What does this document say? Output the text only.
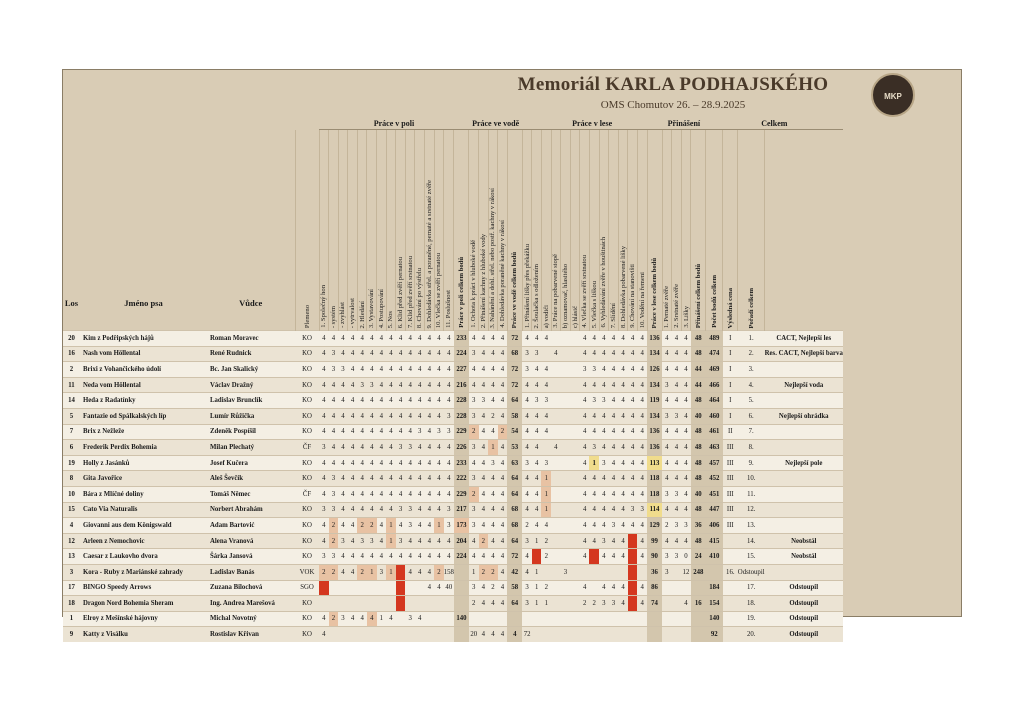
Memoriál KARLA PODHAJSKÉHO
OMS Chomutov 26. – 28.9.2025
MKP
				Práce v poli															Práce ve vodě					Práce v lese														Přinášení				Celkem			
Los	Jméno psa	Vůdce	Plemeno	1. Společný hon	- systém	- zvyhlást	- vytrvalost	2. Hledání	3. Vystavování	4. Postupování	5. Nos	6. Klid před zvěří pernatou	7. Klid před zvěří srstnatou	8. Chování po výstřelu	9. Dohledávka střel. a poraněné, pernaté a srstnaté zvěře	10. Vlečka se zvěří pernatou	11. Poslušnost	Práce v poli celkem bodů	1. Ochota k práci v hluboké vodě	2. Přinášení kachny z hluboké vody	3. Nahánění a dohl. střel. nebo postř. kachny v rákosí	4. Dohledávka poraněné kachny v rákosí	Práce ve vodě celkem bodů	1. Přinášení lišky přes překážku	2. Šoulačka s odložením	a) vodiči	3. Práce na pobarvené stopě	b) oznamovač, hlasitého	c) hlásič	4. Vlečka se zvěří srstnatou	5. Vlečka s liškou	6. Vyhledávání zvěře v houštinách	7. Slídění	8. Dohledávka pobarvené lišky	9. Chování na stanovišti	10. Vodění na řemeni	Práce v lese celkem bodů	1. Pernaté zvěře	2. Srstnaté zvěře	3. Lišky	Přinášení celkem bodů	Počet bodů celkem	Výsledná cena	Pořadí celkem	

20	Kim z Podřipských hájů	Roman Moravec	KO	4	4	4	4	4	4	4	4	4	4	4	4	4	4	233	4	4	4	4	72	4	4	4				4	4	4	4	4	4	4	136	4	4	4	48	489	I	1.	CACT, Nejlepší les
16	Nash vom Höllental	René Rudnick	KO	4	3	4	4	4	4	4	4	4	4	4	4	4	4	224	3	4	4	4	68	3	3		4			4	4	4	4	4	4	4	134	4	4	4	48	474	I	2.	Res. CACT, Nejlepší barva
2	Brixi z Vohančického údolí	Bc. Jan Skalický	KO	4	3	3	4	4	4	4	4	4	4	4	4	4	4	227	4	4	4	4	72	3	4	4				3	3	4	4	4	4	4	126	4	4	4	44	469	I	3.	
11	Neda vom Höllental	Václav Dražný	KO	4	4	4	4	3	3	4	4	4	4	4	4	4	4	216	4	4	4	4	72	4	4	4				4	4	4	4	4	4	4	134	3	4	4	44	466	I	4.	Nejlepší voda
14	Heda z Radatínky	Ladislav Brunclík	KO	4	4	4	4	4	4	4	4	4	4	4	4	4	4	228	3	3	4	4	64	4	3	3				4	3	3	4	4	4	4	119	4	4	4	48	464	I	5.	
5	Fantazie od Spálkalských líp	Lumír Růžička	KO	4	4	4	4	4	4	4	4	4	4	4	4	4	3	228	3	4	2	4	58	4	4	4				4	4	4	4	4	4	4	134	3	3	4	40	460	I	6.	Nejlepší ohrádka
7	Brix z Nežleže	Zdeněk Pospíšil	KO	4	4	4	4	4	4	4	4	4	4	3	4	3	3	229	2	4	4	2	54	4	4	4				4	4	4	4	4	4	4	136	4	4	4	48	461	II	7.	
6	Frederik Perdix Bohemia	Milan Plechatý	ČF	3	4	4	4	4	4	4	4	3	3	4	4	4	4	226	3	4	1	4	53	4	4		4			4	3	4	4	4	4	4	136	4	4	4	48	463	III	8.	
19	Holly z Jasánků	Josef Kučera	KO	4	4	4	4	4	4	4	4	4	4	4	4	4	4	233	4	4	3	4	63	3	4	3				4	1	3	4	4	4	4	113	4	4	4	48	457	III	9.	Nejlepší pole
8	Gita Javořice	Aleš Ševčík	KO	4	3	4	4	4	4	4	4	4	4	4	4	4	4	222	3	4	4	4	64	4	4	1				4	4	4	4	4	4	4	118	4	4	4	48	452	III	10.	
10	Bára z Mlíčné doliny	Tomáš Němec	ČF	4	3	4	4	4	4	4	4	4	4	4	4	4	4	229	2	4	4	4	64	4	4	1				4	4	4	4	4	4	4	118	3	3	4	40	451	III	11.	
15	Cato Via Naturalis	Norbert Abrahám	KO	3	3	4	4	4	4	4	4	3	3	4	4	4	3	217	3	4	4	4	68	4	4	1				4	4	4	4	4	3	3	114	4	4	4	48	447	III	12.	
4	Giovanni aus dem Königswald	Adam Bartović	KO	4	2	4	4	2	2	4	1	4	3	4	4	1	3	173	3	4	4	4	68	2	4	4				4	4	4	3	4	4	4	129	2	3	3	36	406	III	13.	
12	Arleen z Nemochovic	Alena Vranová	KO	4	2	3	4	3	3	4	1	3	4	4	4	4	4	204	4	2	4	4	64	3	1	2				4	4	3	4	4		4	99	4	4	4	48	415		14.	Neobstál
13	Caesar z Laukovho dvora	Šárka Jansová	KO	3	3	4	4	4	4	4	4	4	4	4	4	4	4	224	4	4	4	4	72	4		2				4		4	4	4	3	4	90	3	3	0	24	410		15.	Neobstál
3	Kora - Ruby z Mariánské zahrady	Ladislav Banás	VOK	2	2	4	4	2	1	3	1	3	4	4	4	2	158		1	2	2	4	42	4	1			3									36	3		12	248		16.	Odstoupil	
17	BINGO Speedy Arrows	Zuzana Bilochová	SGO												4	4	40		3	4	2	4	58	3	1	2				4		4	4	4		4	86					184		17.	Odstoupil
18	Dragon Nord Bohemia Sheram	Ing. Andrea Marešová	KO																2	4	4	4	64	3	1	1				2	2	3	3	4		4	74			4	16	154		18.	Odstoupil
1	Elroy z Mešínské hájovny	Michal Novotný	KO	4	2	3	4	4	4	1	4		3	4				140																								140		19.	Odstoupil
9	Katty z Visálku	Rostislav Křivan	KO	4															20	4	4	4	4	72																		92		20.	Odstoupil
